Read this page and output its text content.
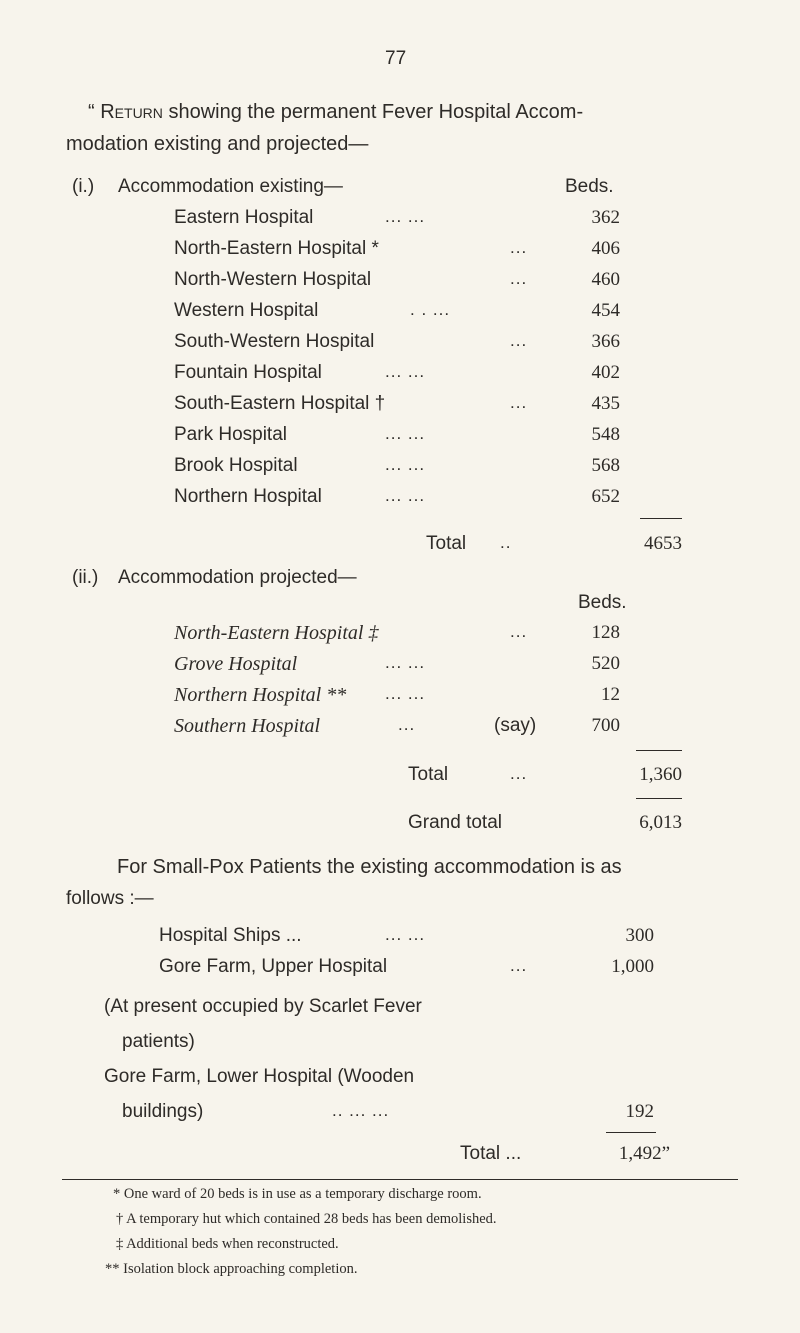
77
“ Return showing the permanent Fever Hospital Accom-
modation existing and projected—
(i.) Accommodation existing—	Beds.
Eastern Hospital	... ...	362
North-Eastern Hospital *	...	406
North-Western Hospital	...	460
Western Hospital	. . ...	454
South-Western Hospital	...	366
Fountain Hospital	... ...	402
South-Eastern Hospital †	...	435
Park Hospital	... ...	548
Brook Hospital	... ...	568
Northern Hospital	... ...	652
Total ..	4653
(ii.) Accommodation projected—
Beds.
North-Eastern Hospital ‡	...	128
Grove Hospital	... ...	520
Northern Hospital ** ... ...	12
Southern Hospital	...	(say)	700
Total	...	1,360
Grand total	6,013
For Small-Pox Patients the existing accommodation is as
follows :—
Hospital Ships ...	... ...	300
Gore Farm, Upper Hospital	...	1,000
(At present occupied by Scarlet Fever
patients)
Gore Farm, Lower Hospital (Wooden
buildings)	.. ... ...	192
Total ...	1,492”
* One ward of 20 beds is in use as a temporary discharge room.
† A temporary hut which contained 28 beds has been demolished.
‡ Additional beds when reconstructed.
** Isolation block approaching completion.
